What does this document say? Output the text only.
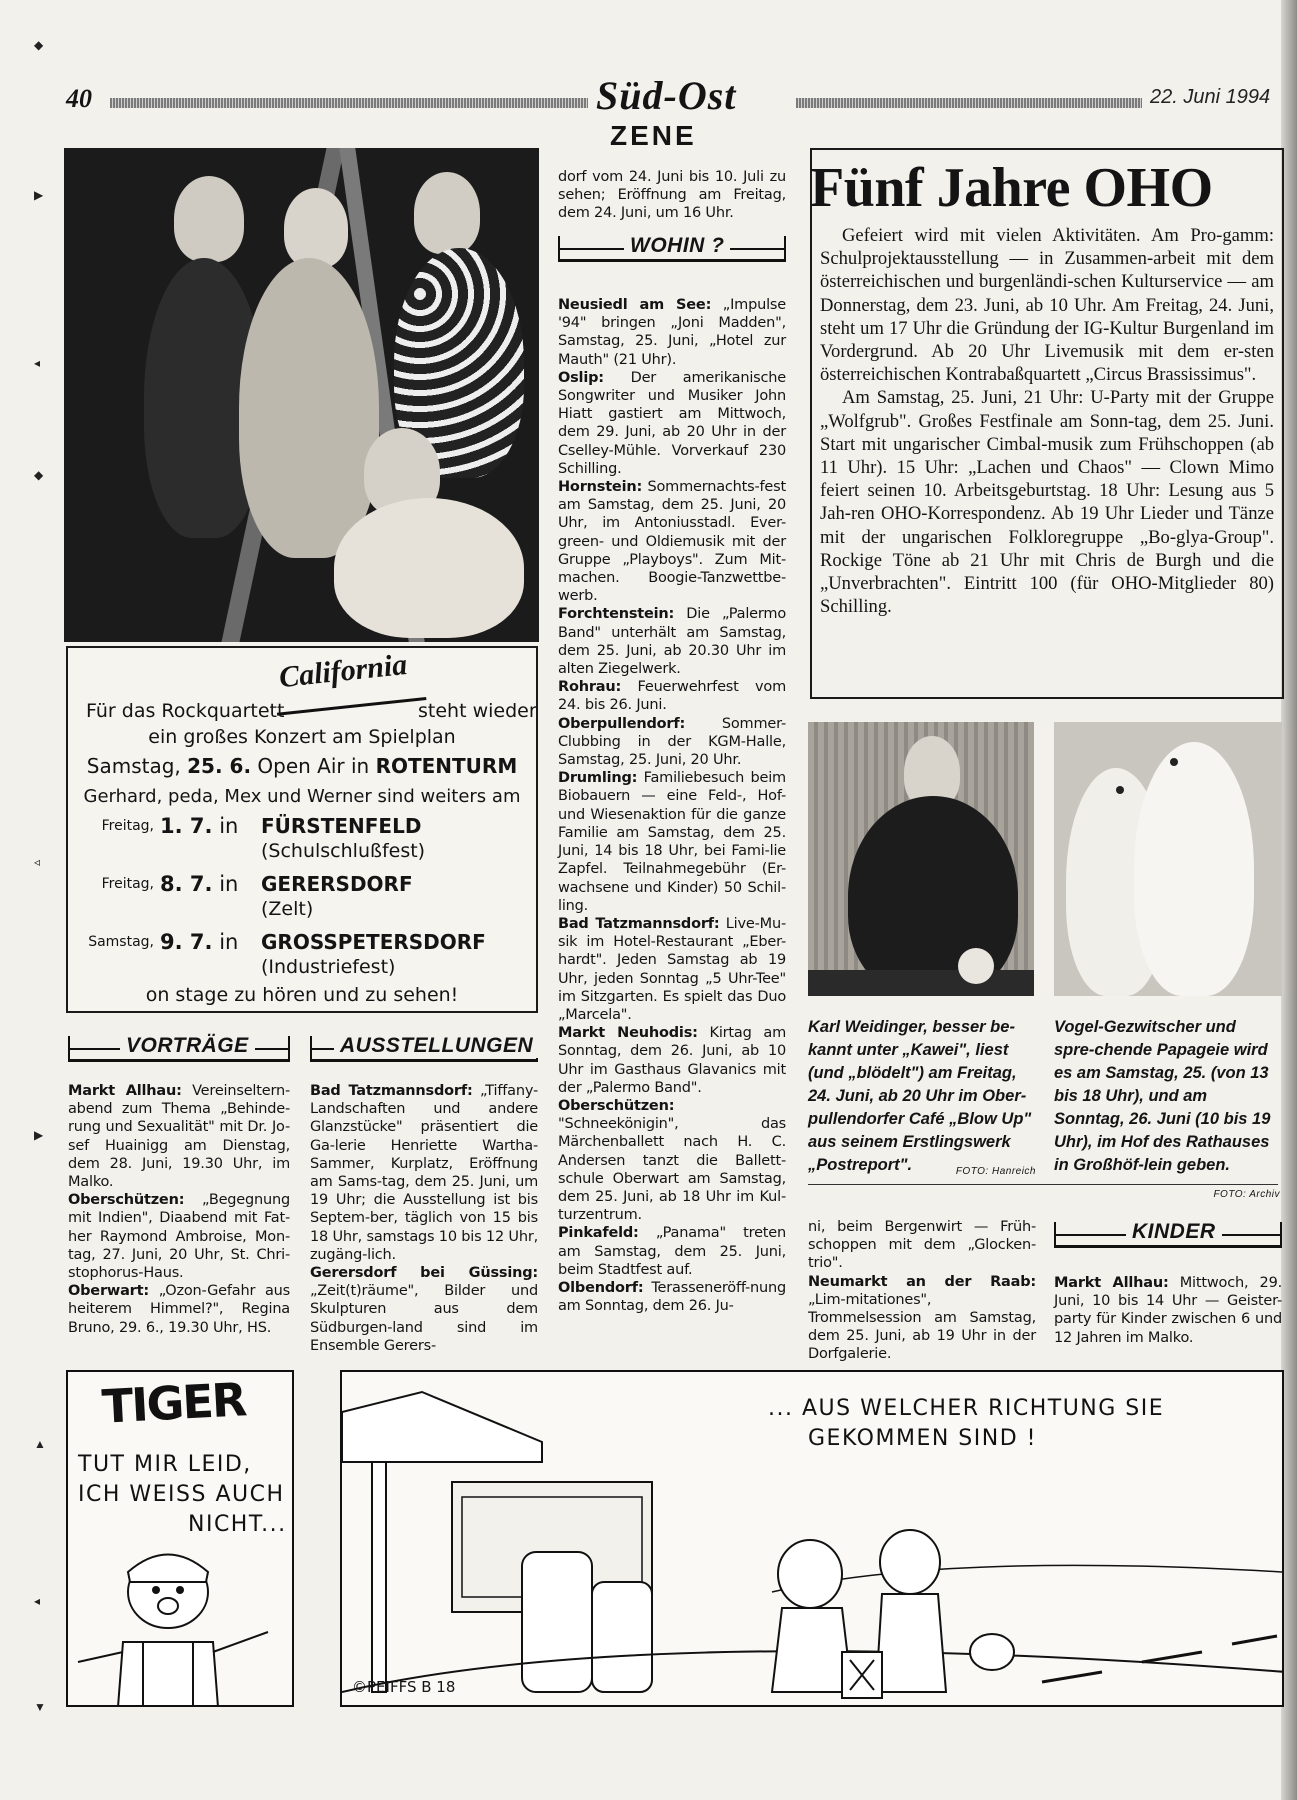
◆
▶
◂
◆
◃
▶
▲
◂
▼
40	Süd-Ost
ZENE
22. Juni 1994
California
Für das Rockquartett	steht wieder
ein großes Konzert am Spielplan
Samstag, 25. 6. Open Air in ROTENTURM
Gerhard, peda, Mex und Werner sind weiters am
Freitag, 1. 7. in FÜRSTENFELD
(Schulschlußfest)
Freitag, 8. 7. in GERERSDORF
(Zelt)
Samstag, 9. 7. in GROSSPETERSDORF
(Industriefest)
on stage zu hören und zu sehen!
VORTRÄGE

Markt Allhau: Vereinseltern-abend zum Thema „Behinde-rung und Sexualität" mit Dr. Jo-sef Huainigg am Dienstag, dem 28. Juni, 19.30 Uhr, im Malko.

Oberschützen: „Begegnung mit Indien", Diaabend mit Fat-her Raymond Ambroise, Mon-tag, 27. Juni, 20 Uhr, St. Chri-stophorus-Haus.

Oberwart: „Ozon-Gefahr aus heiterem Himmel?", Regina Bruno, 29. 6., 19.30 Uhr, HS.

AUSSTELLUNGEN

Bad Tatzmannsdorf: „Tiffany-Landschaften und andere Glanzstücke" präsentiert die Ga-lerie Henriette Wartha-Sammer, Kurplatz, Eröffnung am Sams-tag, dem 25. Juni, um 19 Uhr; die Ausstellung ist bis Septem-ber, täglich von 15 bis 18 Uhr, samstags 10 bis 12 Uhr, zugäng-lich.

Gerersdorf bei Güssing: „Zeit(t)räume", Bilder und Skulpturen aus dem Südburgen-land sind im Ensemble Gerers-

dorf vom 24. Juni bis 10. Juli zu sehen; Eröffnung am Freitag, dem 24. Juni, um 16 Uhr.
WOHIN ?

Neusiedl am See: „Impulse '94" bringen „Joni Madden", Samstag, 25. Juni, „Hotel zur Mauth" (21 Uhr).

Oslip: Der amerikanische Songwriter und Musiker John Hiatt gastiert am Mittwoch, dem 29. Juni, ab 20 Uhr in der Cselley-Mühle. Vorverkauf 230 Schilling.

Hornstein: Sommernachts-fest am Samstag, dem 25. Juni, 20 Uhr, im Antoniusstadl. Ever-green- und Oldiemusik mit der Gruppe „Playboys". Zum Mit-machen. Boogie-Tanzwettbe-werb.

Forchtenstein: Die „Palermo Band" unterhält am Samstag, dem 25. Juni, ab 20.30 Uhr im alten Ziegelwerk.

Rohrau: Feuerwehrfest vom 24. bis 26. Juni.

Oberpullendorf:	Sommer-Clubbing in der KGM-Halle, Samstag, 25. Juni, 20 Uhr.

Drumling: Familiebesuch beim Biobauern — eine Feld-, Hof- und Wiesenaktion für die ganze Familie am Samstag, dem 25. Juni, 14 bis 18 Uhr, bei Fami-lie Zapfel. Teilnahmegebühr (Er-wachsene und Kinder) 50 Schil-ling.

Bad Tatzmannsdorf: Live-Mu-sik im Hotel-Restaurant „Eber-hardt". Jeden Samstag ab 19 Uhr, jeden Sonntag „5 Uhr-Tee" im Sitzgarten. Es spielt das Duo „Marcela".

Markt Neuhodis: Kirtag am Sonntag, dem 26. Juni, ab 10 Uhr im Gasthaus Glavanics mit der „Palermo Band".

Oberschützen: "Schneekönigin", das Märchenballett nach H. C. Andersen tanzt die Ballett-schule Oberwart am Samstag, dem 25. Juni, ab 18 Uhr im Kul-turzentrum.

Pinkafeld: „Panama" treten am Samstag, dem 25. Juni, beim Stadtfest auf.

Olbendorf: Terasseneröff-nung am Sonntag, dem 26. Ju-

Fünf Jahre OHO

Gefeiert wird mit vielen Aktivitäten. Am Pro-gamm: Schulprojektausstellung — in Zusammen-arbeit mit dem österreichischen und burgenländi-schen Kulturservice — am Donnerstag, dem 23. Juni, ab 10 Uhr. Am Freitag, 24. Juni, steht um 17 Uhr die Gründung der IG-Kultur Burgenland im Vordergrund. Ab 20 Uhr Livemusik mit dem er-sten österreichischen Kontrabaßquartett „Circus Brassissimus".

Am Samstag, 25. Juni, 21 Uhr: U-Party mit der Gruppe „Wolfgrub". Großes Festfinale am Sonn-tag, dem 25. Juni. Start mit ungarischer Cimbal-musik zum Frühschoppen (ab 11 Uhr). 15 Uhr: „Lachen und Chaos" — Clown Mimo feiert seinen 10. Arbeitsgeburtstag. 18 Uhr: Lesung aus 5 Jah-ren OHO-Korrespondenz. Ab 19 Uhr Lieder und Tänze mit der ungarischen Folkloregruppe „Bo-glya-Group". Rockige Töne ab 21 Uhr mit Chris de Burgh und die „Unverbrachten". Eintritt 100 (für OHO-Mitglieder 80) Schilling.

Karl Weidinger, besser be-kannt unter „Kawei", liest (und „blödelt") am Freitag, 24. Juni, ab 20 Uhr im Ober-pullendorfer Café „Blow Up" aus seinem Erstlingswerk „Postreport".	FOTO: Hanreich
Vogel-Gezwitscher und spre-chende Papageie wird es am Samstag, 25. (von 13 bis 18 Uhr), und am Sonntag, 26. Juni (10 bis 19 Uhr), im Hof des Rathauses in Großhöf-lein geben.
FOTO: Archiv

ni, beim Bergenwirt — Früh-schoppen mit dem „Glocken-trio".

Neumarkt an der Raab: „Lim-mitationes", Trommelsession am Samstag, dem 25. Juni, ab 19 Uhr in der Dorfgalerie.

KINDER

Markt Allhau: Mittwoch, 29. Juni, 10 bis 14 Uhr — Geister-party für Kinder zwischen 6 und 12 Jahren im Malko.

TIGER
TUT MIR LEID,
ICH WEISS AUCH
NICHT...
... AUS WELCHER RICHTUNG SIE
GEKOMMEN SIND !
©PEIFFS B 18
